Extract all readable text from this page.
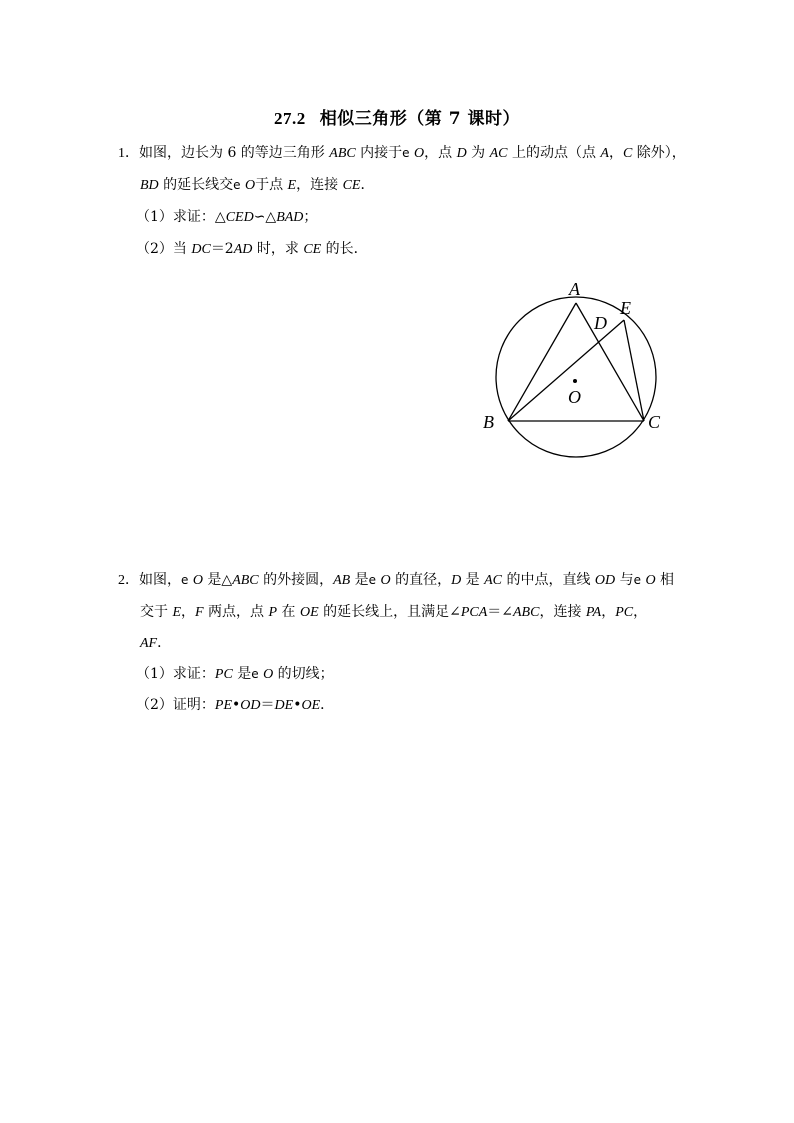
27.2 相似三角形（第 7 课时）
1．如图，边长为 6 的等边三角形 ABC 内接于e O，点 D 为 AC 上的动点（点 A，C 除外），
BD 的延长线交e O于点 E，连接 CE．
（1）求证：△CED∽△BAD；
（2）当 DC＝2AD 时，求 CE 的长．
A
B	C
D
E
O
2．如图，e O 是△ABC 的外接圆，AB 是e O 的直径，D 是 AC 的中点，直线 OD 与e O 相
交于 E，F 两点，点 P 在 OE 的延长线上，且满足∠PCA＝∠ABC，连接 PA，PC，
AF．
（1）求证：PC 是e O 的切线；
（2）证明：PE•OD＝DE•OE．
